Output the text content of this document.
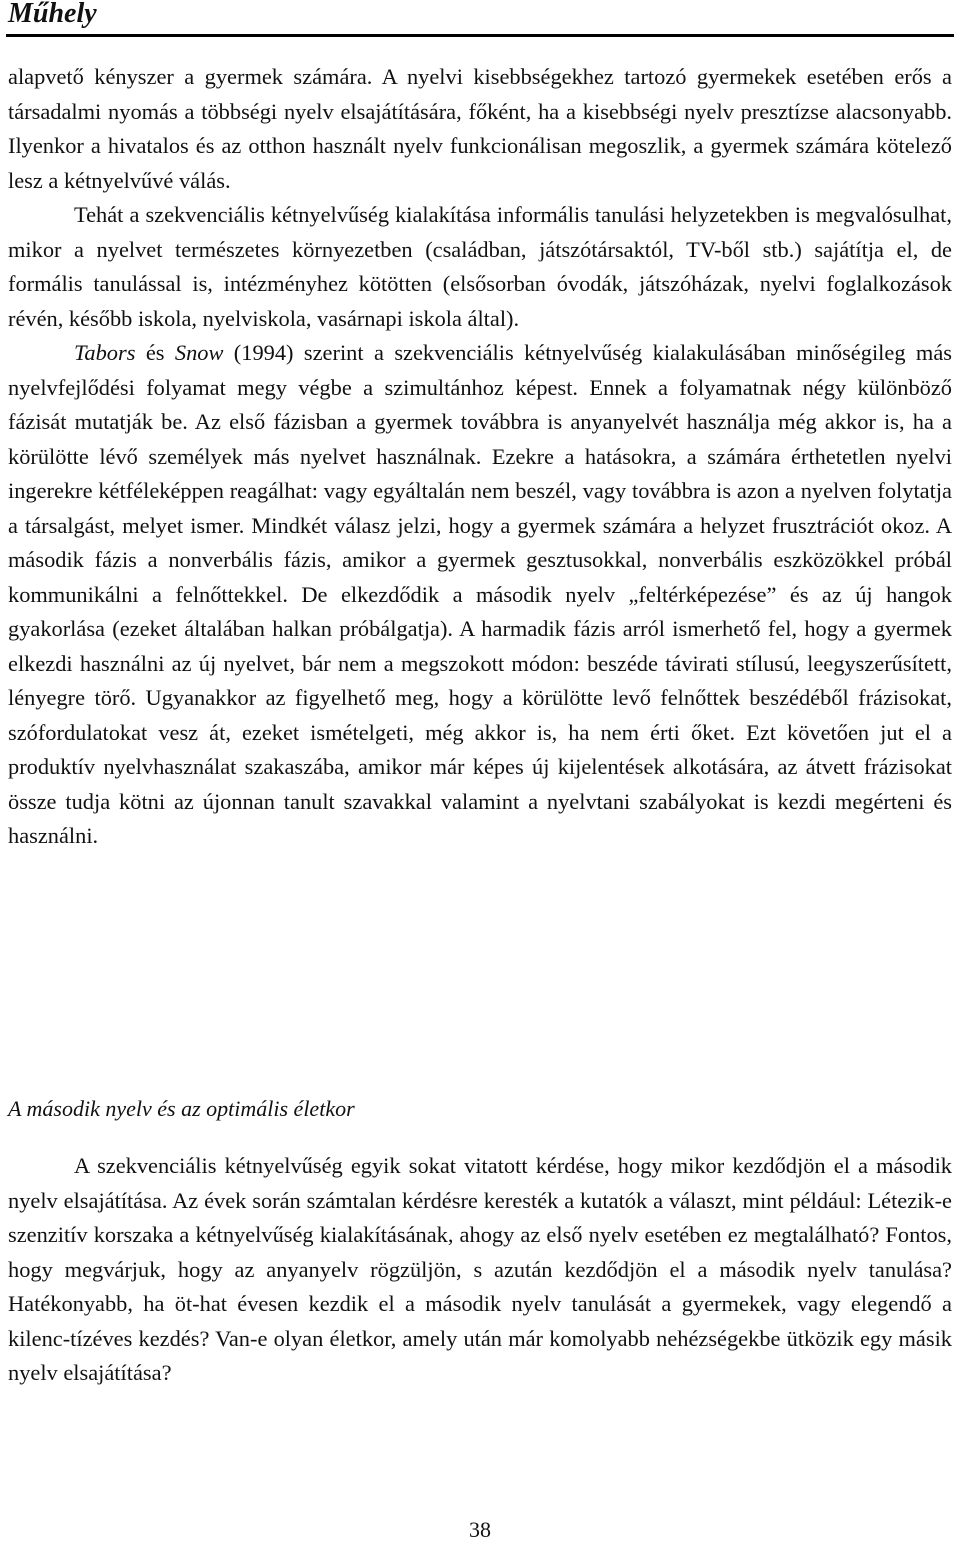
Műhely

alapvető kényszer a gyermek számára. A nyelvi kisebbségekhez tartozó gyermekek esetében erős a társadalmi nyomás a többségi nyelv elsajátítására, főként, ha a kisebbségi nyelv presztízse alacsonyabb. Ilyenkor a hivatalos és az otthon használt nyelv funkcionálisan megoszlik, a gyermek számára kötelező lesz a kétnyelvűvé válás.

Tehát a szekvenciális kétnyelvűség kialakítása informális tanulási helyzetekben is megvalósulhat, mikor a nyelvet természetes környezetben (családban, játszótársaktól, TV-ből stb.) sajátítja el, de formális tanulással is, intézményhez kötötten (elsősorban óvodák, játszóházak, nyelvi foglalkozások révén, később iskola, nyelviskola, vasárnapi iskola által).

Tabors és Snow (1994) szerint a szekvenciális kétnyelvűség kialakulásában minőségileg más nyelvfejlődési folyamat megy végbe a szimultánhoz képest. Ennek a folyamatnak négy különböző fázisát mutatják be. Az első fázisban a gyermek továbbra is anyanyelvét használja még akkor is, ha a körülötte lévő személyek más nyelvet használnak. Ezekre a hatásokra, a számára érthetetlen nyelvi ingerekre kétféleképpen reagálhat: vagy egyáltalán nem beszél, vagy továbbra is azon a nyelven folytatja a társalgást, melyet ismer. Mindkét válasz jelzi, hogy a gyermek számára a helyzet frusztrációt okoz. A második fázis a nonverbális fázis, amikor a gyermek gesztusokkal, nonverbális eszközökkel próbál kommunikálni a felnőttekkel. De elkezdődik a második nyelv „feltérképezése” és az új hangok gyakorlása (ezeket általában halkan próbálgatja). A harmadik fázis arról ismerhető fel, hogy a gyermek elkezdi használni az új nyelvet, bár nem a megszokott módon: beszéde távirati stílusú, leegyszerűsített, lényegre törő. Ugyanakkor az figyelhető meg, hogy a körülötte levő felnőttek beszédéből frázisokat, szófordulatokat vesz át, ezeket ismételgeti, még akkor is, ha nem érti őket. Ezt követően jut el a produktív nyelvhasználat szakaszába, amikor már képes új kijelentések alkotására, az átvett frázisokat össze tudja kötni az újonnan tanult szavakkal valamint a nyelvtani szabályokat is kezdi megérteni és használni.

A második nyelv és az optimális életkor

A szekvenciális kétnyelvűség egyik sokat vitatott kérdése, hogy mikor kezdődjön el a második nyelv elsajátítása. Az évek során számtalan kérdésre keresték a kutatók a választ, mint például: Létezik-e szenzitív korszaka a kétnyelvűség kialakításának, ahogy az első nyelv esetében ez megtalálható? Fontos, hogy megvárjuk, hogy az anyanyelv rögzüljön, s azután kezdődjön el a második nyelv tanulása? Hatékonyabb, ha öt-hat évesen kezdik el a második nyelv tanulását a gyermekek, vagy elegendő a kilenc-tízéves kezdés? Van-e olyan életkor, amely után már komolyabb nehézségekbe ütközik egy másik nyelv elsajátítása?

38
